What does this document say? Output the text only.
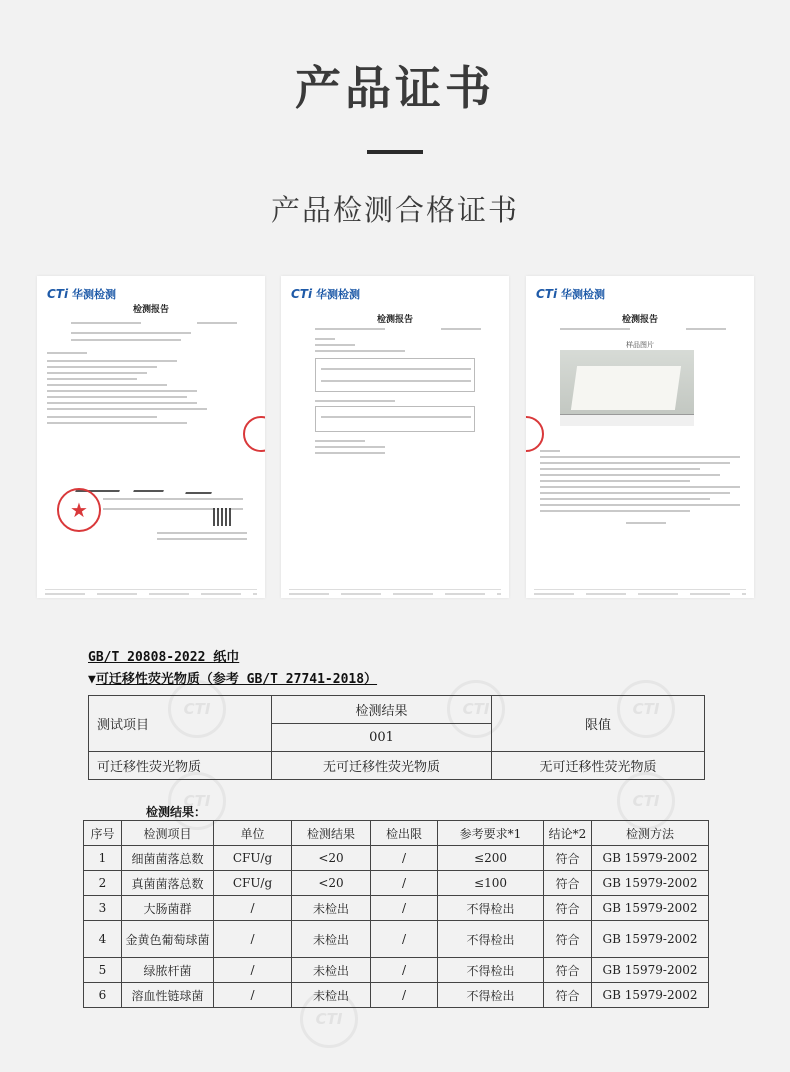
产品证书
产品检测合格证书
CTi 华测检测
检测报告
★
CTi 华测检测
检测报告
CTi 华测检测
检测报告
样品图片
CTI	CTI	CTI
CTI	CTI
CTI
GB/T 20808-2022 纸巾
▼可迁移性荧光物质（参考 GB/T 27741-2018）
测试项目	检测结果	限值
	001	
可迁移性荧光物质	无可迁移性荧光物质	无可迁移性荧光物质
检测结果：
序号	检测项目	单位	检测结果	检出限	参考要求*1	结论*2	检测方法
1	细菌菌落总数	CFU/g	<20	/	≤200	符合	GB 15979-2002
2	真菌菌落总数	CFU/g	<20	/	≤100	符合	GB 15979-2002
3	大肠菌群	/	未检出	/	不得检出	符合	GB 15979-2002
4	金黄色葡萄球菌	/	未检出	/	不得检出	符合	GB 15979-2002
5	绿脓杆菌	/	未检出	/	不得检出	符合	GB 15979-2002
6	溶血性链球菌	/	未检出	/	不得检出	符合	GB 15979-2002
